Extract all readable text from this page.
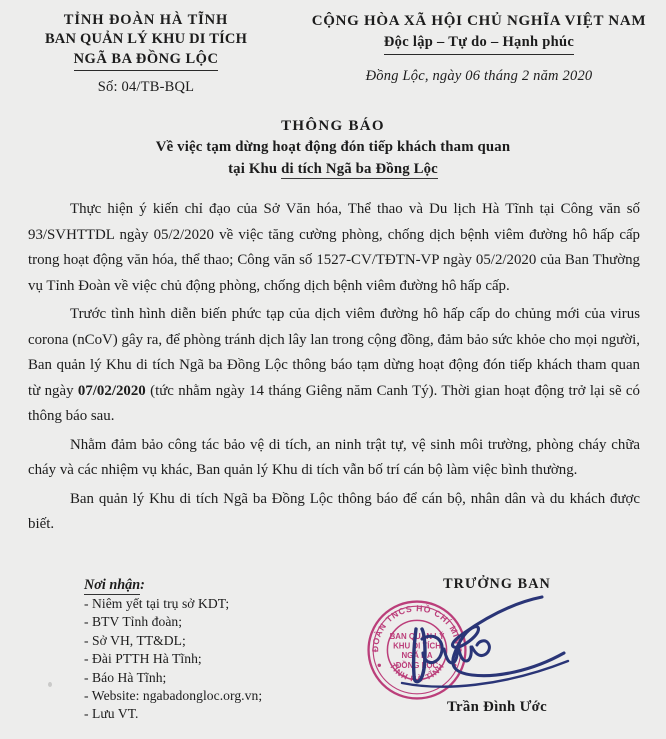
TỈNH ĐOÀN HÀ TĨNH
BAN QUẢN LÝ KHU DI TÍCH
NGÃ BA ĐỒNG LỘC
Số: 04/TB-BQL
CỘNG HÒA XÃ HỘI CHỦ NGHĨA VIỆT NAM
Độc lập – Tự do – Hạnh phúc
Đồng Lộc, ngày 06 tháng 2 năm 2020
THÔNG BÁO
Về việc tạm dừng hoạt động đón tiếp khách tham quan
tại Khu di tích Ngã ba Đồng Lộc

Thực hiện ý kiến chỉ đạo của Sở Văn hóa, Thể thao và Du lịch Hà Tĩnh tại Công văn số 93/SVHTTDL ngày 05/2/2020 về việc tăng cường phòng, chống dịch bệnh viêm đường hô hấp cấp trong hoạt động văn hóa, thể thao; Công văn số 1527-CV/TĐTN-VP ngày 05/2/2020 của Ban Thường vụ Tỉnh Đoàn về việc chủ động phòng, chống dịch bệnh viêm đường hô hấp cấp.

Trước tình hình diễn biến phức tạp của dịch viêm đường hô hấp cấp do chủng mới của virus corona (nCoV) gây ra, để phòng tránh dịch lây lan trong cộng đồng, đảm bảo sức khỏe cho mọi người, Ban quản lý Khu di tích Ngã ba Đồng Lộc thông báo tạm dừng hoạt động đón tiếp khách tham quan từ ngày 07/02/2020 (tức nhằm ngày 14 tháng Giêng năm Canh Tý). Thời gian hoạt động trở lại sẽ có thông báo sau.

Nhằm đảm bảo công tác bảo vệ di tích, an ninh trật tự, vệ sinh môi trường, phòng cháy chữa cháy và các nhiệm vụ khác, Ban quản lý Khu di tích vẫn bố trí cán bộ làm việc bình thường.

Ban quản lý Khu di tích Ngã ba Đồng Lộc thông báo để cán bộ, nhân dân và du khách được biết.

Nơi nhận:
- Niêm yết tại trụ sở KDT;
- BTV Tỉnh đoàn;
- Sở VH, TT&DL;
- Đài PTTH Hà Tĩnh;
- Báo Hà Tĩnh;
- Website: ngabadongloc.org.vn;
- Lưu VT.
TRƯỞNG BAN
ĐOÀN TNCS HỒ CHÍ MINH
TỈNH HÀ TĨNH
BAN QUẢN LÝ
KHU DI TÍCH
NGÃ BA
ĐỒNG LỘC
Trần Đình Ước
